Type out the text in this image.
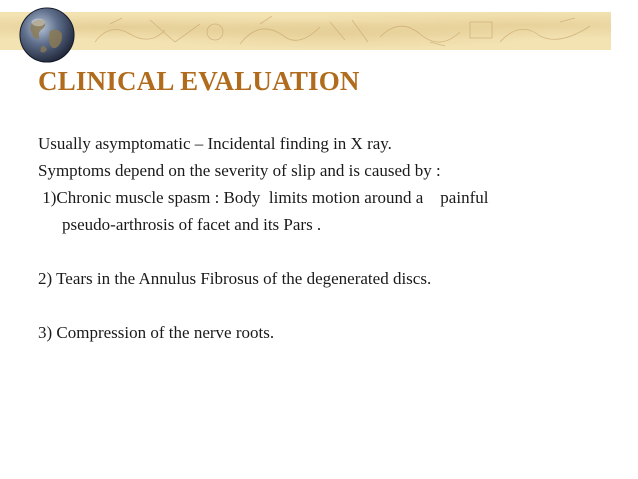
CLINICAL EVALUATION

Usually asymptomatic – Incidental finding in X ray.

Symptoms depend on the severity of slip and is caused by :

1)Chronic muscle spasm : Body  limits motion around a    painful

pseudo-arthrosis of facet and its Pars .

2) Tears in the Annulus Fibrosus of the degenerated discs.

3) Compression of the nerve roots.
